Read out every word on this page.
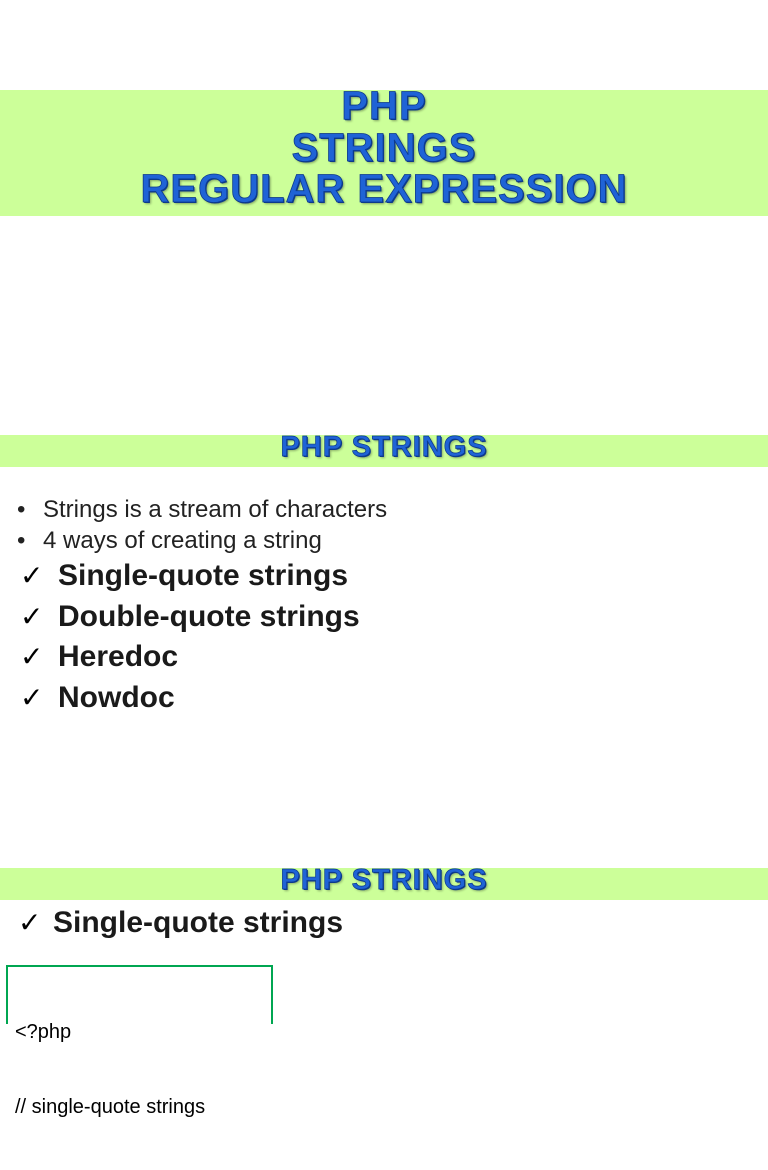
PHP
STRINGS
REGULAR EXPRESSION
PHP STRINGS
• Strings is a stream of characters
• 4 ways of creating a string
✓ Single-quote strings
✓ Double-quote strings
✓ Heredoc
✓ Nowdoc
PHP STRINGS
✓ Single-quote strings

<?php

// single-quote strings
